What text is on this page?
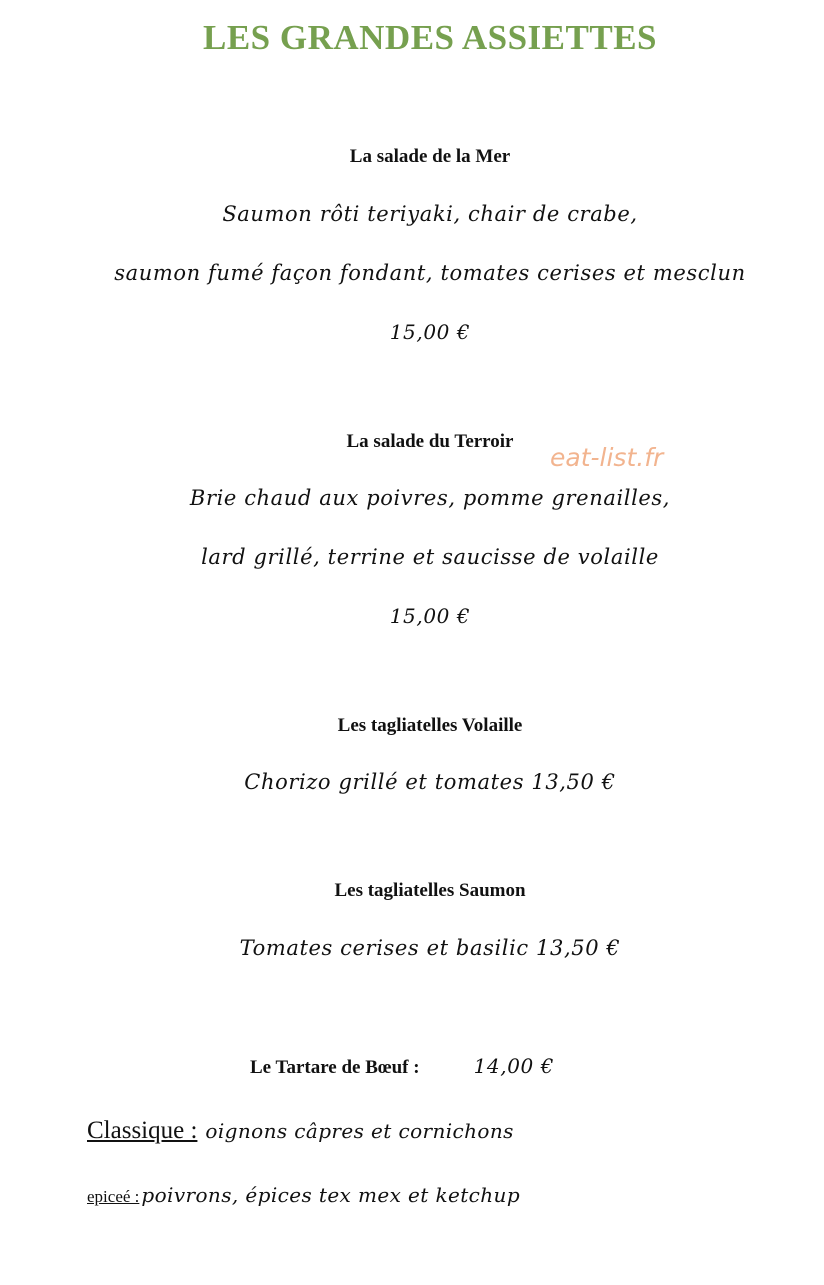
LES GRANDES ASSIETTES
La salade de la Mer
Saumon rôti teriyaki, chair de crabe,
saumon fumé façon fondant, tomates cerises et mesclun
15,00 €
La salade du Terroir
eat-list.fr
Brie chaud aux poivres, pomme grenailles,
lard grillé, terrine et saucisse de volaille
15,00 €
Les tagliatelles Volaille
Chorizo grillé et tomates 13,50 €
Les tagliatelles Saumon
Tomates cerises et basilic 13,50 €
Le Tartare de Bœuf :	14,00 €
Classique : oignons câpres et cornichons
epiceé : poivrons, épices tex mex et ketchup
